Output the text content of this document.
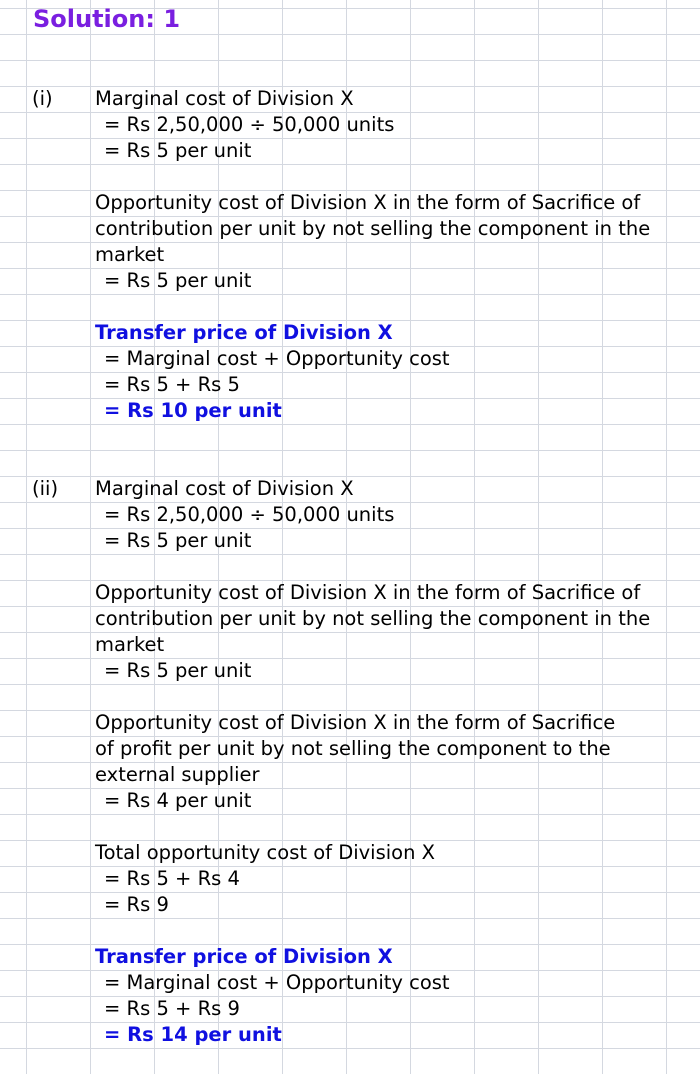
Solution: 1
(i) Marginal cost of Division X
= Rs 2,50,000 ÷ 50,000 units
= Rs 5 per unit
Opportunity cost of Division X in the form of Sacrifice of
contribution per unit by not selling the component in the
market
= Rs 5 per unit
Transfer price of Division X
= Marginal cost + Opportunity cost
= Rs 5 + Rs 5
= Rs 10 per unit
(ii) Marginal cost of Division X
= Rs 2,50,000 ÷ 50,000 units
= Rs 5 per unit
Opportunity cost of Division X in the form of Sacrifice of
contribution per unit by not selling the component in the
market
= Rs 5 per unit
Opportunity cost of Division X in the form of Sacrifice
of profit per unit by not selling the component to the
external supplier
= Rs 4 per unit
Total opportunity cost of Division X
= Rs 5 + Rs 4
= Rs 9
Transfer price of Division X
= Marginal cost + Opportunity cost
= Rs 5 + Rs 9
= Rs 14 per unit
